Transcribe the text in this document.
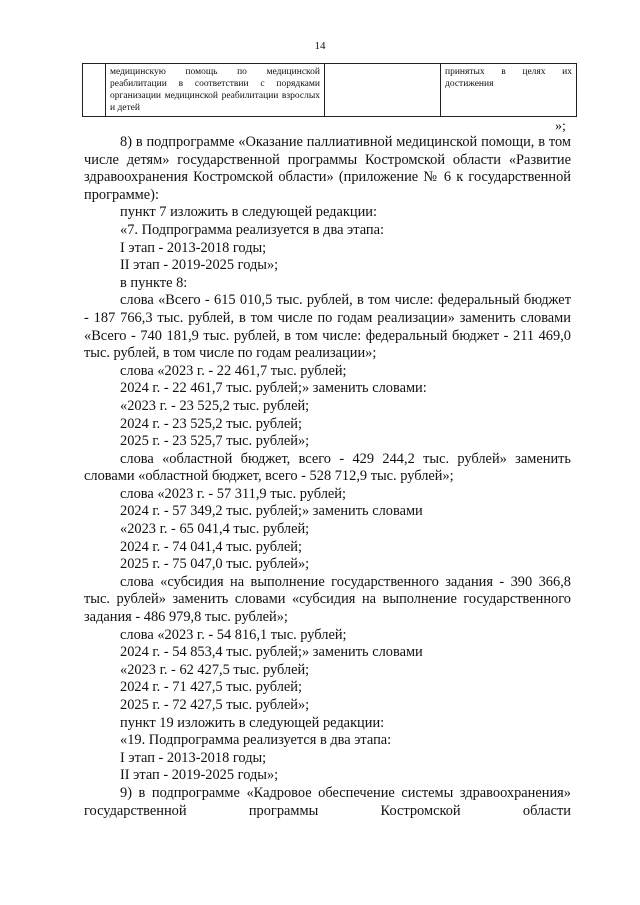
14
	медицинскую помощь по медицинской реабилитации в соответствии с порядками организации медицинской реабилитации взрослых и детей		принятых в целях их достижения
»;

8) в подпрограмме «Оказание паллиативной медицинской помощи, в том числе детям» государственной программы Костромской области «Развитие здравоохранения Костромской области» (приложение № 6 к государственной программе):

пункт 7 изложить в следующей редакции:

«7. Подпрограмма реализуется в два этапа:

I этап - 2013-2018 годы;

II этап - 2019-2025 годы»;

в пункте 8:

слова «Всего - 615 010,5 тыс. рублей, в том числе: федеральный бюджет - 187 766,3 тыс. рублей, в том числе по годам реализации» заменить словами «Всего - 740 181,9 тыс. рублей, в том числе: федеральный бюджет - 211 469,0 тыс. рублей, в том числе по годам реализации»;

слова «2023 г. - 22 461,7 тыс. рублей;

2024 г. - 22 461,7 тыс. рублей;» заменить словами:

«2023 г. - 23 525,2 тыс. рублей;

2024 г. - 23 525,2 тыс. рублей;

2025 г. - 23 525,7 тыс. рублей»;

слова «областной бюджет, всего - 429 244,2 тыс. рублей» заменить словами «областной бюджет, всего - 528 712,9 тыс. рублей»;

слова «2023 г. - 57 311,9 тыс. рублей;

2024 г. - 57 349,2 тыс. рублей;» заменить словами

«2023 г. - 65 041,4 тыс. рублей;

2024 г. - 74 041,4 тыс. рублей;

2025 г. - 75 047,0 тыс. рублей»;

слова «субсидия на выполнение государственного задания - 390 366,8 тыс. рублей» заменить словами «субсидия на выполнение государственного задания - 486 979,8 тыс. рублей»;

слова «2023 г. - 54 816,1 тыс. рублей;

2024 г. - 54 853,4 тыс. рублей;» заменить словами

«2023 г. - 62 427,5 тыс. рублей;

2024 г. - 71 427,5 тыс. рублей;

2025 г. - 72 427,5 тыс. рублей»;

пункт 19 изложить в следующей редакции:

«19. Подпрограмма реализуется в два этапа:

I этап - 2013-2018 годы;

II этап - 2019-2025 годы»;

9) в подпрограмме «Кадровое обеспечение системы здравоохранения» государственной программы Костромской области
